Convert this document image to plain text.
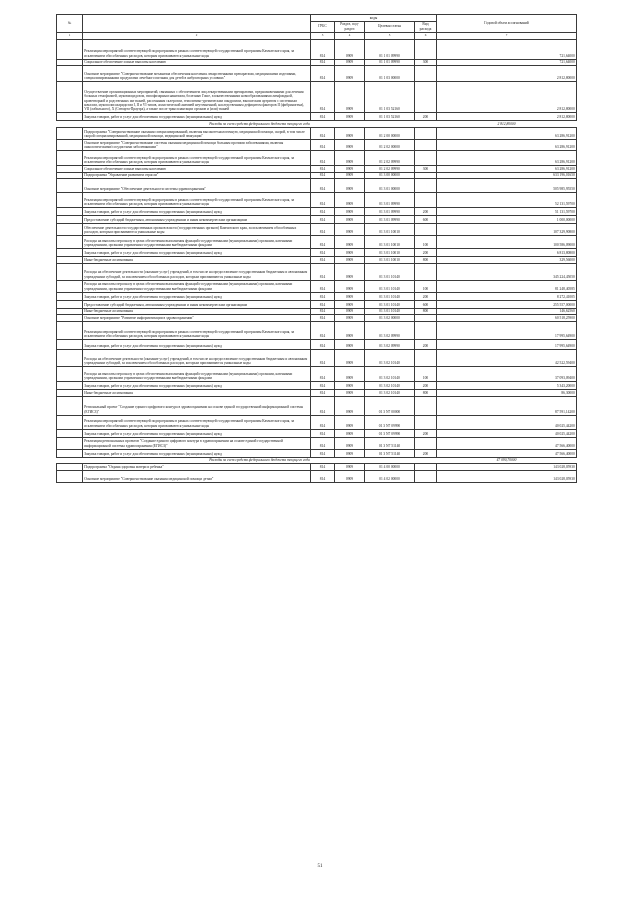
№		коды				Годовой объем ассигнований
		ГРБС	Раздел, под-раздел	Целевая статья	Вид расхода	
1	2	3	4	5	6	7
	Реализация мероприятий соответствующей подпрограммы в рамках соответствующей государственной программы Камчатского края, за исключением обособленных расходов, которым присваиваются уникальные коды	814	0909	01 1 01 09990		721,64000
	Социальное обеспечение и иные выплаты населению	814	0909	01 1 01 09990	300	721,64000
	Основное мероприятие "Совершенствование механизма обеспечения населения лекарственными препаратами, медицинскими изделиями, специализированными продуктами лечебного питания для детей в амбулаторных условиях"	814	0909	01 1 03 00000		2 812,80000
	Осуществление организационных мероприятий, связанных с обеспечением лиц лекарственными препаратами, предназначенными для лечения больных гемофилией, муковисцидозом, гипофизарным нанизмом, болезнью Гоше, злокачественными новообразованиями лимфоидной, кроветворной и родственных им тканей, рассеянным склерозом, гемолитико-уремическим синдромом, юношеским артритом с системным началом, мукополисахаридозом I, II и VI типов, апластической анемией неуточненной, наследственным дефицитом факторов II (фибриногена), VII (лабильного), X (Стюарта-Прауэра), а также после трансплантации органов и (или) тканей	814	0909	01 1 03 52160		2 812,80000
	Закупка товаров, работ и услуг для обеспечения государственных (муниципальных) нужд	814	0909	01 1 03 52160	200	2 812,80000
	Расходы за счет средств федерального бюджета текущего года					2 812,80000
	Подпрограмма "Совершенствование оказания специализированной, включая высокотехнологичную, медицинской помощи, скорой, в том числе скорой специализированной, медицинской помощи, медицинской эвакуации"	814	0909	01 2 00 00000		63 286,91200
	Основное мероприятие "Совершенствование системы оказания медицинской помощи больным прочими заболеваниями, включая онкологическими/сосудистыми заболеваниями"	814	0909	01 2 02 00000		63 286,91200
	Реализация мероприятий соответствующей подпрограммы в рамках соответствующей государственной программы Камчатского края, за исключением обособленных расходов, которым присваиваются уникальные коды	814	0909	01 2 02 09990		63 286,91200
	Социальное обеспечение и иные выплаты населению	814	0909	01 2 02 09990	300	63 286,91200
	Подпрограмма "Управление развитием отрасли"	814	0909	01 3 00 00000		633 196,01650
	Основное мероприятие "Обеспечение деятельности системы здравоохранения"	814	0909	01 3 01 00000		505 985,95550
	Реализация мероприятий соответствующей подпрограммы в рамках соответствующей государственной программы Камчатского края, за исключением обособленных расходов, которым присваиваются уникальные коды	814	0909	01 3 01 09990		52 131,59700
	Закупка товаров, работ и услуг для обеспечения государственных (муниципальных) нужд	814	0909	01 3 01 09990	200	51 131,59700
	Предоставление субсидий бюджетным, автономным учреждениям и иным некоммерческим организациям	814	0909	01 3 01 09990	600	1 000,00000
	Обеспечение деятельности государственных органов власти (государственных органов) Камчатского края, за исключением обособленных расходов, которым присваиваются уникальные коды	814	0909	01 3 01 10010		107 329,90800
	Расходы на выплаты персоналу в целях обеспечения выполнения функций государственными (муниципальными) органами, казенными учреждениями, органами управления государственными внебюджетными фондами	814	0909	01 3 01 10010	100	100 586,09000
	Закупка товаров, работ и услуг для обеспечения государственных (муниципальных) нужд	814	0909	01 3 01 10010	200	6 813,80800
	Иные бюджетные ассигнования	814	0909	01 3 01 10010	800	329,56000
	Расходы на обеспечение деятельности (оказание услуг) учреждений, в том числе на предоставление государственным бюджетным и автономным учреждениям субсидий, за исключением обособленных расходов, которым присваиваются уникальные коды	814	0909	01 3 01 10140		345 224,45050
	Расходы на выплаты персоналу в целях обеспечения выполнения функций государственными (муниципальными) органами, казенными учреждениями, органами управления государственными внебюджетными фондами	814	0909	01 3 01 10140	100	81 248,40585
	Закупка товаров, работ и услуг для обеспечения государственных (муниципальных) нужд	814	0909	01 3 01 10140	200	8 272,41005
	Предоставление субсидий бюджетным, автономным учреждениям и иным некоммерческим организациям	814	0909	01 3 01 10140	600	255 557,00000
	Иные бюджетные ассигнования	814	0909	01 3 01 10140	800	146,62560
	Основное мероприятие "Развитие информатизации в здравоохранении"	814	0909	01 3 02 00000		60 518,25900
	Реализация мероприятий соответствующей подпрограммы в рамках соответствующей государственной программы Камчатского края, за исключением обособленных расходов, которым присваиваются уникальные коды	814	0909	01 3 02 09990		17 995,64900
	Закупка товаров, работ и услуг для обеспечения государственных (муниципальных) нужд	814	0909	01 3 02 09990	200	17 995,64900
	Расходы на обеспечение деятельности (оказание услуг) учреждений, в том числе на предоставление государственным бюджетным и автономным учреждениям субсидий, за исключением обособленных расходов, которым присваиваются уникальные коды	814	0909	01 3 02 10140		42 522,59400
	Расходы на выплаты персоналу в целях обеспечения выполнения функций государственными (муниципальными) органами, казенными учреждениями, органами управления государственными внебюджетными фондами	814	0909	01 3 02 10140	100	37 093,09400
	Закупка товаров, работ и услуг для обеспечения государственных (муниципальных) нужд	814	0909	01 3 02 10140	200	5 343,20000
	Иные бюджетные ассигнования	814	0909	01 3 02 10140	800	86,30000
	Региональный проект "Создание единого цифрового контура в здравоохранении на основе единой государственной информационной системы (ЕГИСЗ)"	814	0909	01 3 N7 00000		87 591,14200
	Реализация мероприятий соответствующей подпрограммы в рамках соответствующей государственной программы Камчатского края, за исключением обособленных расходов, которым присваиваются уникальные коды	814	0909	01 3 N7 09990		40 025,44200
	Закупка товаров, работ и услуг для обеспечения государственных (муниципальных) нужд	814	0909	01 3 N7 09990	200	40 025,44200
	Реализация региональных проектов "Создание единого цифрового контура в здравоохранении на основе единой государственной информационной системы здравоохранения (ЕГИСЗ)"	814	0909	01 3 N7 51140		47 566,40000
	Закупка товаров, работ и услуг для обеспечения государственных (муниципальных) нужд	814	0909	01 3 N7 51140	200	47 566,40000
	Расходы за счет средств федерального бюджета текущего года					47 090,70000
	Подпрограмма "Охрана здоровья матери и ребенка"	814	0909	01 4 00 00000		143 028,05930
	Основное мероприятие "Совершенствование оказания медицинской помощи детям"	814	0909	01 4 02 00000		143 028,05930
51
